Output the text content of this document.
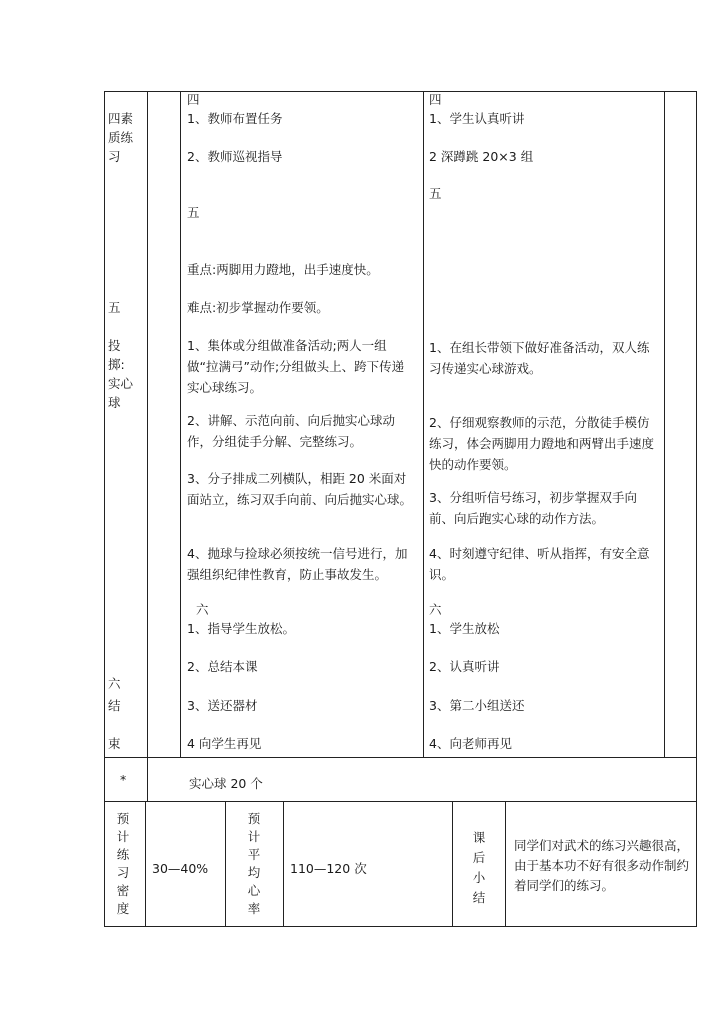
四素
质练
习
五
投
掷:
实心
球
六
结
束
四
1、教师布置任务
2、教师巡视指导
五
重点:两脚用力蹬地，出手速度快。
难点:初步掌握动作要领。
1、集体或分组做准备活动;两人一组做“拉满弓”动作;分组做头上、跨下传递实心球练习。
2、讲解、示范向前、向后抛实心球动作，分组徒手分解、完整练习。
3、分子排成二列横队，相距 20 米面对面站立，练习双手向前、向后抛实心球。
4、抛球与捡球必须按统一信号进行，加强组织纪律性教育，防止事故发生。
六
1、指导学生放松。
2、总结本课
3、送还器材
4 向学生再见
四
1、学生认真听讲
2 深蹲跳 20×3 组
五
1、在组长带领下做好准备活动，双人练习传递实心球游戏。
2、仔细观察教师的示范，分散徒手模仿练习，体会两脚用力蹬地和两臂出手速度快的动作要领。
3、分组听信号练习，初步掌握双手向前、向后跑实心球的动作方法。
4、时刻遵守纪律、听从指挥，有安全意识。
六
1、学生放松
2、认真听讲
3、第二小组送还
4、向老师再见
*	实心球 20 个
预计练习密度
30—40%
预计平均心率
110—120 次
课后小结
同学们对武术的练习兴趣很高，由于基本功不好有很多动作制约着同学们的练习。
